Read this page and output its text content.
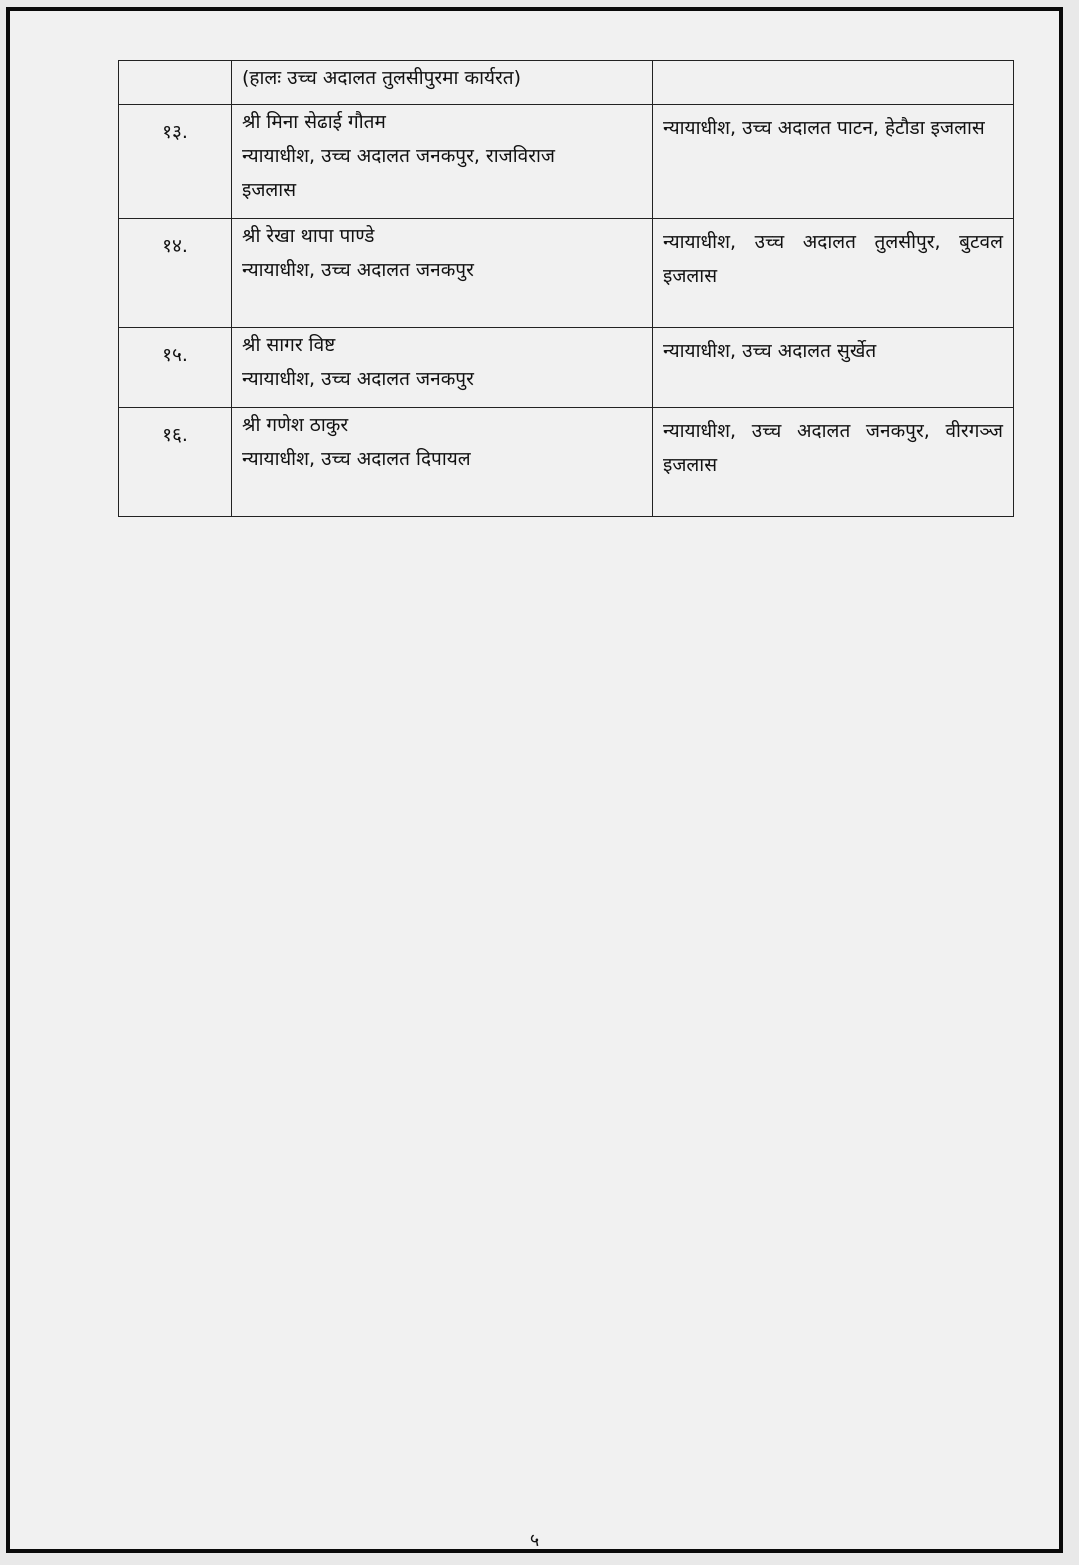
	(हालः उच्च अदालत तुलसीपुरमा कार्यरत)	

१३.	श्री मिना सेढाई गौतम
न्यायाधीश, उच्च अदालत जनकपुर, राजविराज
इजलास	न्यायाधीश, उच्च अदालत पाटन, हेटौडा इजलास
१४.	श्री रेखा थापा पाण्डे
न्यायाधीश, उच्च अदालत जनकपुर	न्यायाधीश, उच्च अदालत तुलसीपुर, बुटवल इजलास
१५.	श्री सागर विष्ट
न्यायाधीश, उच्च अदालत जनकपुर	न्यायाधीश, उच्च अदालत सुर्खेत
१६.	श्री गणेश ठाकुर
न्यायाधीश, उच्च अदालत दिपायल	न्यायाधीश, उच्च अदालत जनकपुर, वीरगञ्ज इजलास
५
